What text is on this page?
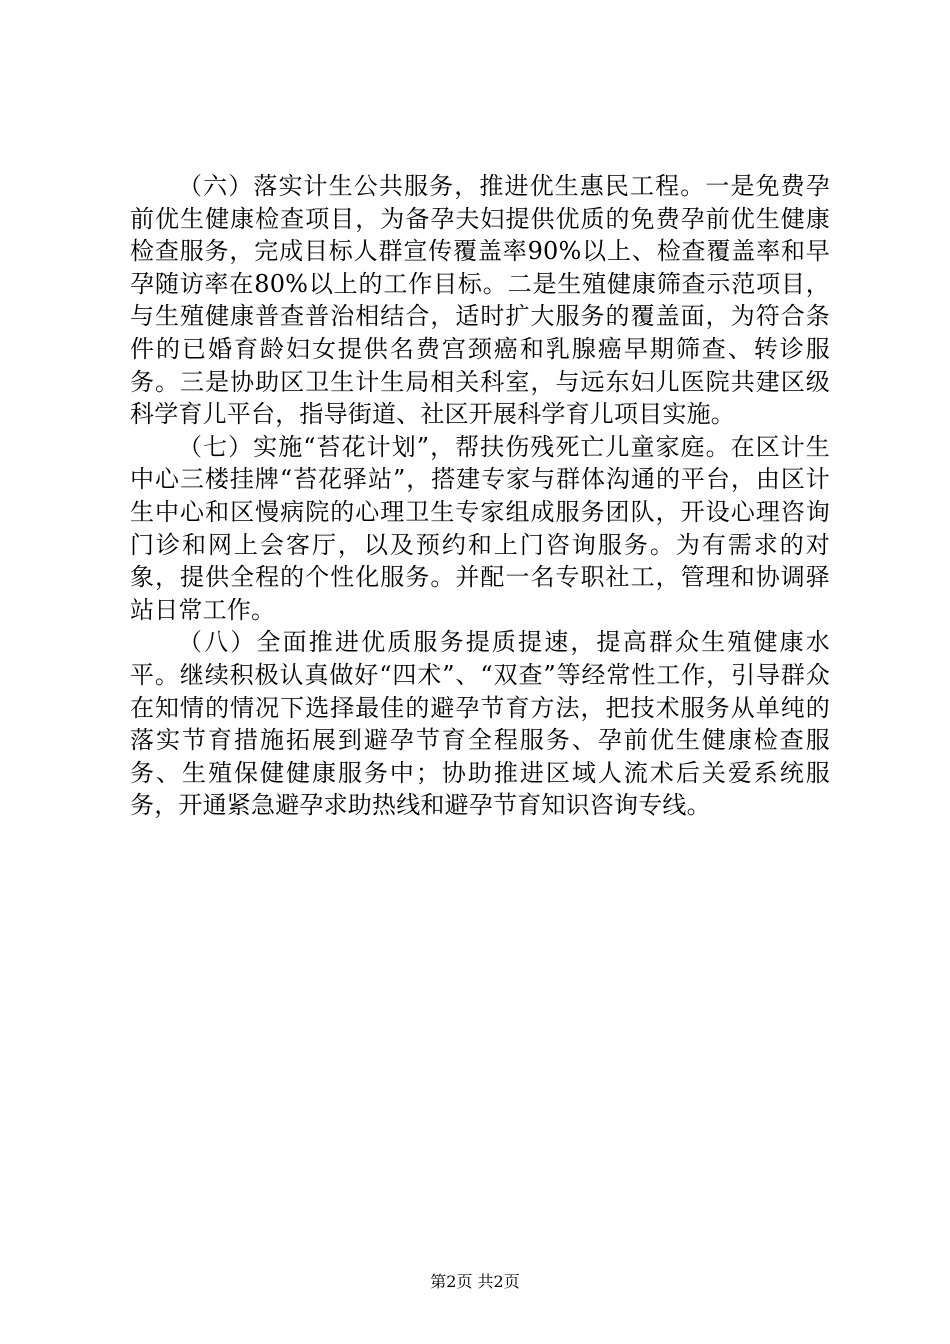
（六）落实计生公共服务，推进优生惠民工程。一是免费孕前优生健康检查项目，为备孕夫妇提供优质的免费孕前优生健康检查服务，完成目标人群宣传覆盖率90%以上、检查覆盖率和早孕随访率在80%以上的工作目标。二是生殖健康筛查示范项目，与生殖健康普查普治相结合，适时扩大服务的覆盖面，为符合条件的已婚育龄妇女提供名费宫颈癌和乳腺癌早期筛查、转诊服务。三是协助区卫生计生局相关科室，与远东妇儿医院共建区级科学育儿平台，指导街道、社区开展科学育儿项目实施。

（七）实施“苔花计划”，帮扶伤残死亡儿童家庭。在区计生中心三楼挂牌“苔花驿站”，搭建专家与群体沟通的平台，由区计生中心和区慢病院的心理卫生专家组成服务团队，开设心理咨询门诊和网上会客厅，以及预约和上门咨询服务。为有需求的对象，提供全程的个性化服务。并配一名专职社工，管理和协调驿站日常工作。

（八）全面推进优质服务提质提速，提高群众生殖健康水平。继续积极认真做好“四术”、“双查”等经常性工作，引导群众在知情的情况下选择最佳的避孕节育方法，把技术服务从单纯的落实节育措施拓展到避孕节育全程服务、孕前优生健康检查服务、生殖保健健康服务中；协助推进区域人流术后关爱系统服务，开通紧急避孕求助热线和避孕节育知识咨询专线。

第2页 共2页
